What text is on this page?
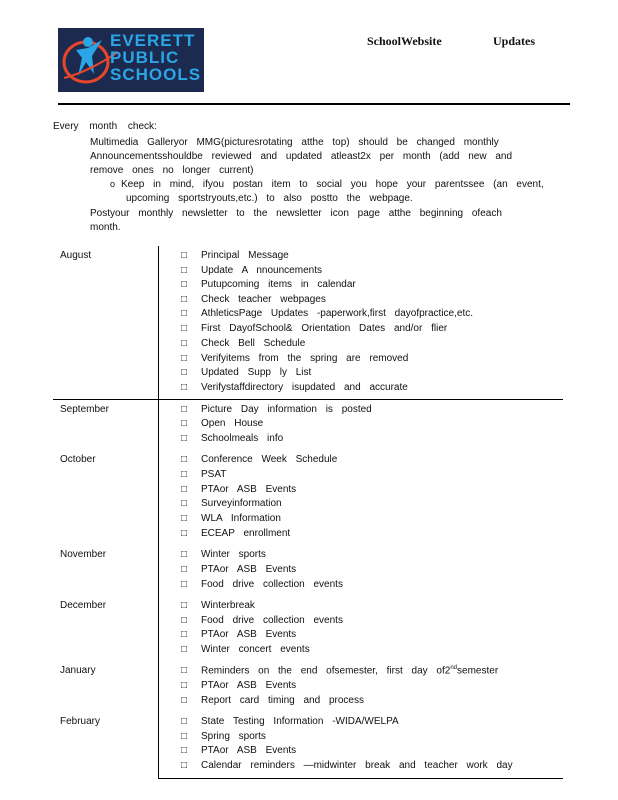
EVERETT
PUBLIC
SCHOOLS
SchoolWebsite	Updates
Every month check:
Multimedia Galleryor MMG(picturesrotating atthe top) should be changed monthly
Announcementsshouldbe reviewed and updated atleast2x per month (add new and
remove ones no longer current)
o Keep in mind, ifyou postan item to social you hope your parentssee (an event,
upcoming sportstryouts,etc.) to also postto the webpage.
Postyour monthly newsletter to the newsletter icon page atthe beginning ofeach
month.
August	□ Principal Message
□ Update A nnouncements
□ Putupcoming items in calendar
□ Check teacher webpages
□ AthleticsPage Updates -paperwork,first dayofpractice,etc.
□ First DayofSchool& Orientation Dates and/or flier
□ Check Bell Schedule
□ Verifyitems from the spring are removed
□ Updated Supp ly List
□ Verifystaffdirectory isupdated and accurate
September	□ Picture Day information is posted
□ Open House
□ Schoolmeals info
October	□ Conference Week Schedule
□ PSAT
□ PTAor ASB Events
□ Surveyinformation
□ WLA Information
□ ECEAP enrollment
November	□ Winter sports
□ PTAor ASB Events
□ Food drive collection events
December	□ Winterbreak
□ Food drive collection events
□ PTAor ASB Events
□ Winter concert events
January	□ Reminders on the end ofsemester, first day of2ndsemester
□ PTAor ASB Events
□ Report card timing and process
February	□ State Testing Information -WIDA/WELPA
□ Spring sports
□ PTAor ASB Events
□ Calendar reminders —midwinter break and teacher work day
